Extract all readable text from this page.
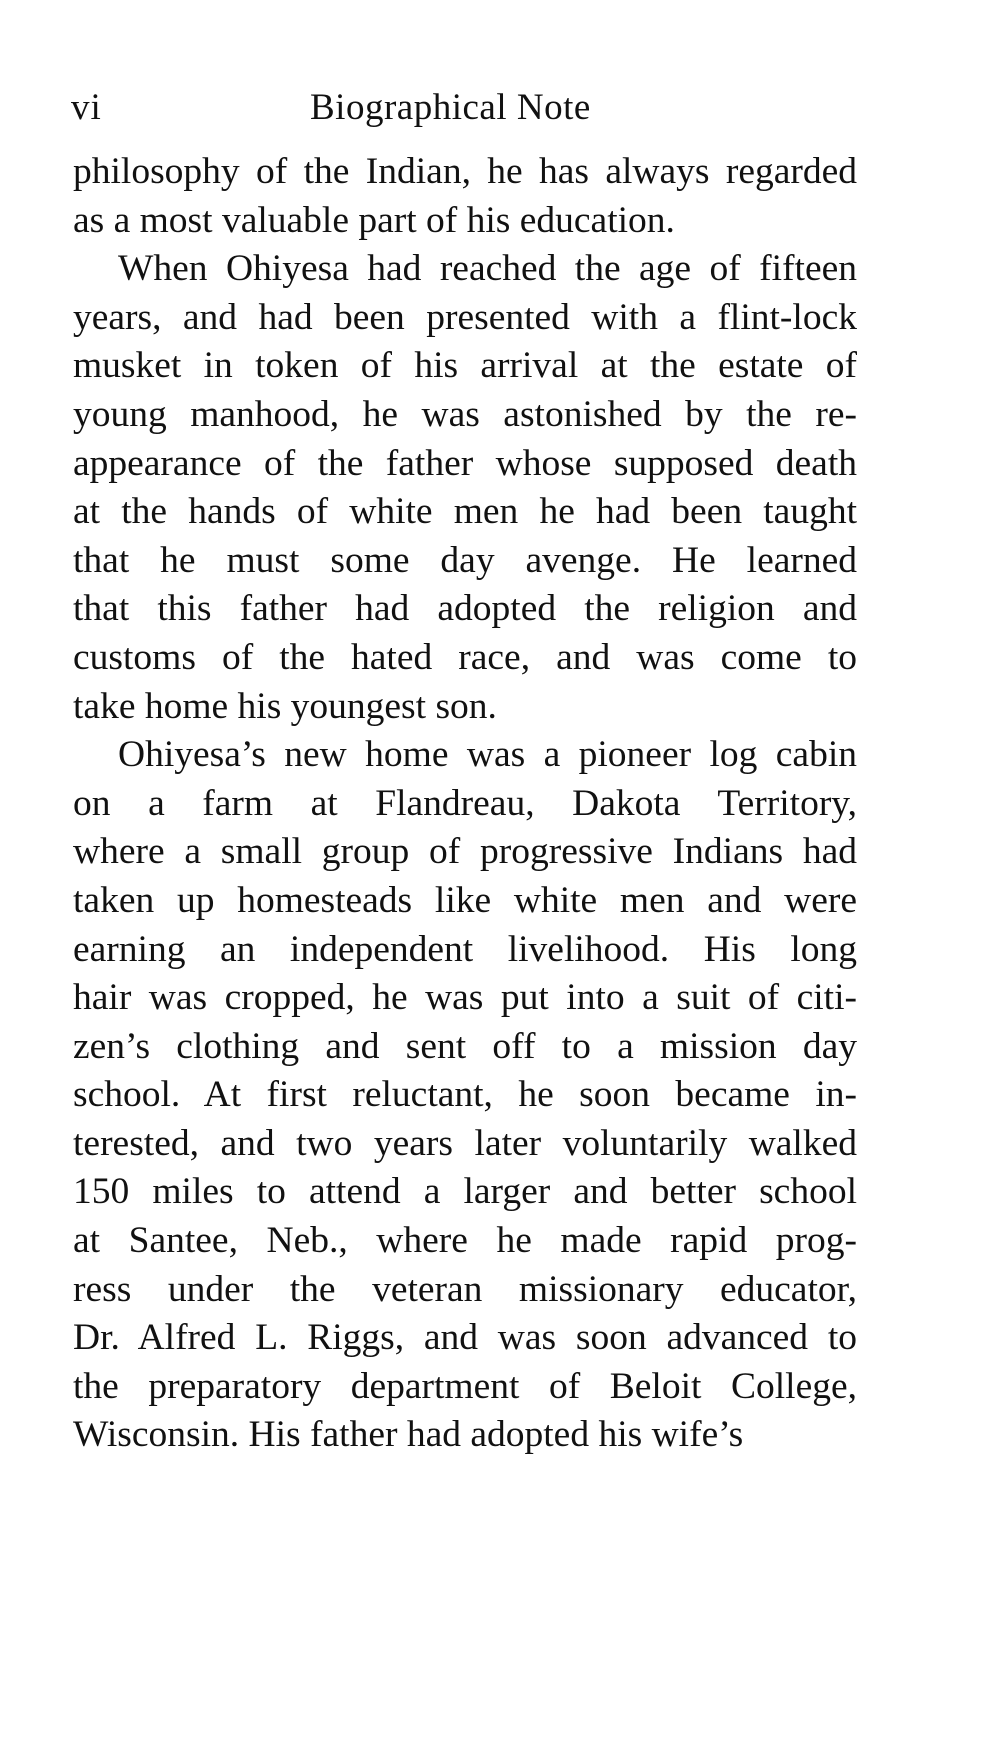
vi	Biographical Note
philosophy of the Indian, he has always regarded
as a most valuable part of his education.
When Ohiyesa had reached the age of fifteen
years, and had been presented with a flint-lock
musket in token of his arrival at the estate of
young manhood, he was astonished by the re-
appearance of the father whose supposed death
at the hands of white men he had been taught
that he must some day avenge. He learned
that this father had adopted the religion and
customs of the hated race, and was come to
take home his youngest son.
Ohiyesa’s new home was a pioneer log cabin
on a farm at Flandreau, Dakota Territory,
where a small group of progressive Indians had
taken up homesteads like white men and were
earning an independent livelihood. His long
hair was cropped, he was put into a suit of citi-
zen’s clothing and sent off to a mission day
school. At first reluctant, he soon became in-
terested, and two years later voluntarily walked
150 miles to attend a larger and better school
at Santee, Neb., where he made rapid prog-
ress under the veteran missionary educator,
Dr. Alfred L. Riggs, and was soon advanced to
the preparatory department of Beloit College,
Wisconsin. His father had adopted his wife’s
